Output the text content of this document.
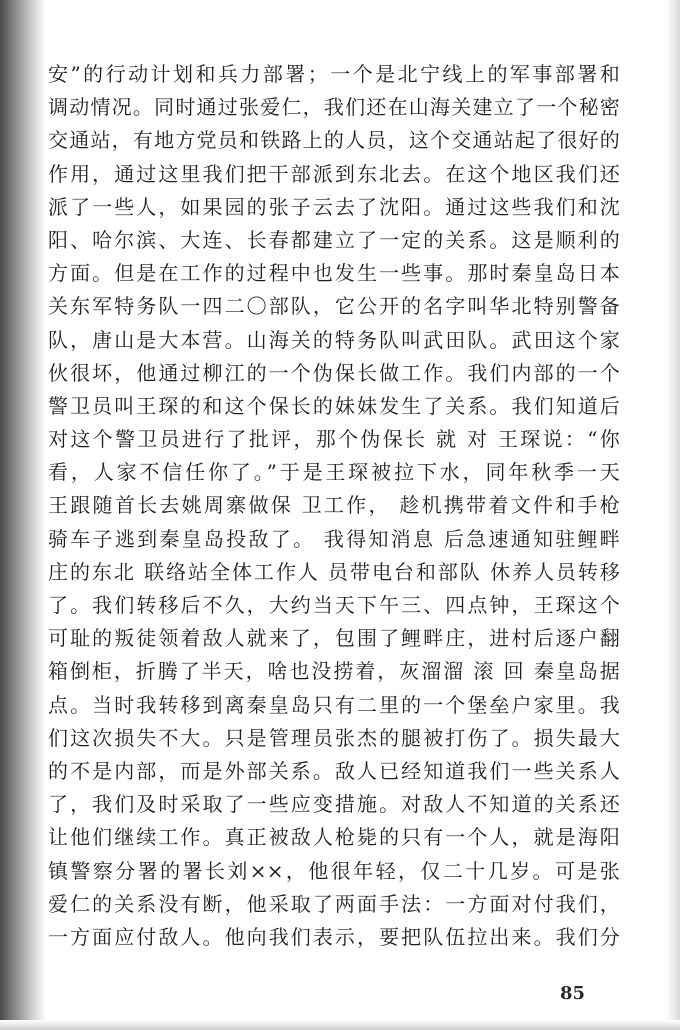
安”的行动计划和兵力部署；一个是北宁线上的军事部署和
调动情况。同时通过张爱仁，我们还在山海关建立了一个秘密
交通站，有地方党员和铁路上的人员，这个交通站起了很好的
作用，通过这里我们把干部派到东北去。在这个地区我们还
派了一些人，如果园的张子云去了沈阳。通过这些我们和沈
阳、哈尔滨、大连、长春都建立了一定的关系。这是顺利的
方面。但是在工作的过程中也发生一些事。那时秦皇岛日本
关东军特务队一四二〇部队，它公开的名字叫华北特别警备
队，唐山是大本营。山海关的特务队叫武田队。武田这个家
伙很坏，他通过柳江的一个伪保长做工作。我们内部的一个
警卫员叫王琛的和这个保长的妹妹发生了关系。我们知道后
对这个警卫员进行了批评，那个伪保长 就 对 王琛说：“你
看，人家不信任你了。”于是王琛被拉下水，同年秋季一天
王跟随首长去姚周寨做保 卫工作， 趁机携带着文件和手枪
骑车子逃到秦皇岛投敌了。 我得知消息 后急速通知驻鲤畔
庄的东北 联络站全体工作人 员带电台和部队 休养人员转移
了。我们转移后不久，大约当天下午三、四点钟，王琛这个
可耻的叛徒领着敌人就来了，包围了鲤畔庄，进村后逐户翻
箱倒柜，折腾了半天，啥也没捞着，灰溜溜 滚 回 秦皇岛据
点。当时我转移到离秦皇岛只有二里的一个堡垒户家里。我
们这次损失不大。只是管理员张杰的腿被打伤了。损失最大
的不是内部，而是外部关系。敌人已经知道我们一些关系人
了，我们及时采取了一些应变措施。对敌人不知道的关系还
让他们继续工作。真正被敌人枪毙的只有一个人，就是海阳
镇警察分署的署长刘××，他很年轻，仅二十几岁。可是张
爱仁的关系没有断，他采取了两面手法：一方面对付我们，
一方面应付敌人。他向我们表示，要把队伍拉出来。我们分
85
